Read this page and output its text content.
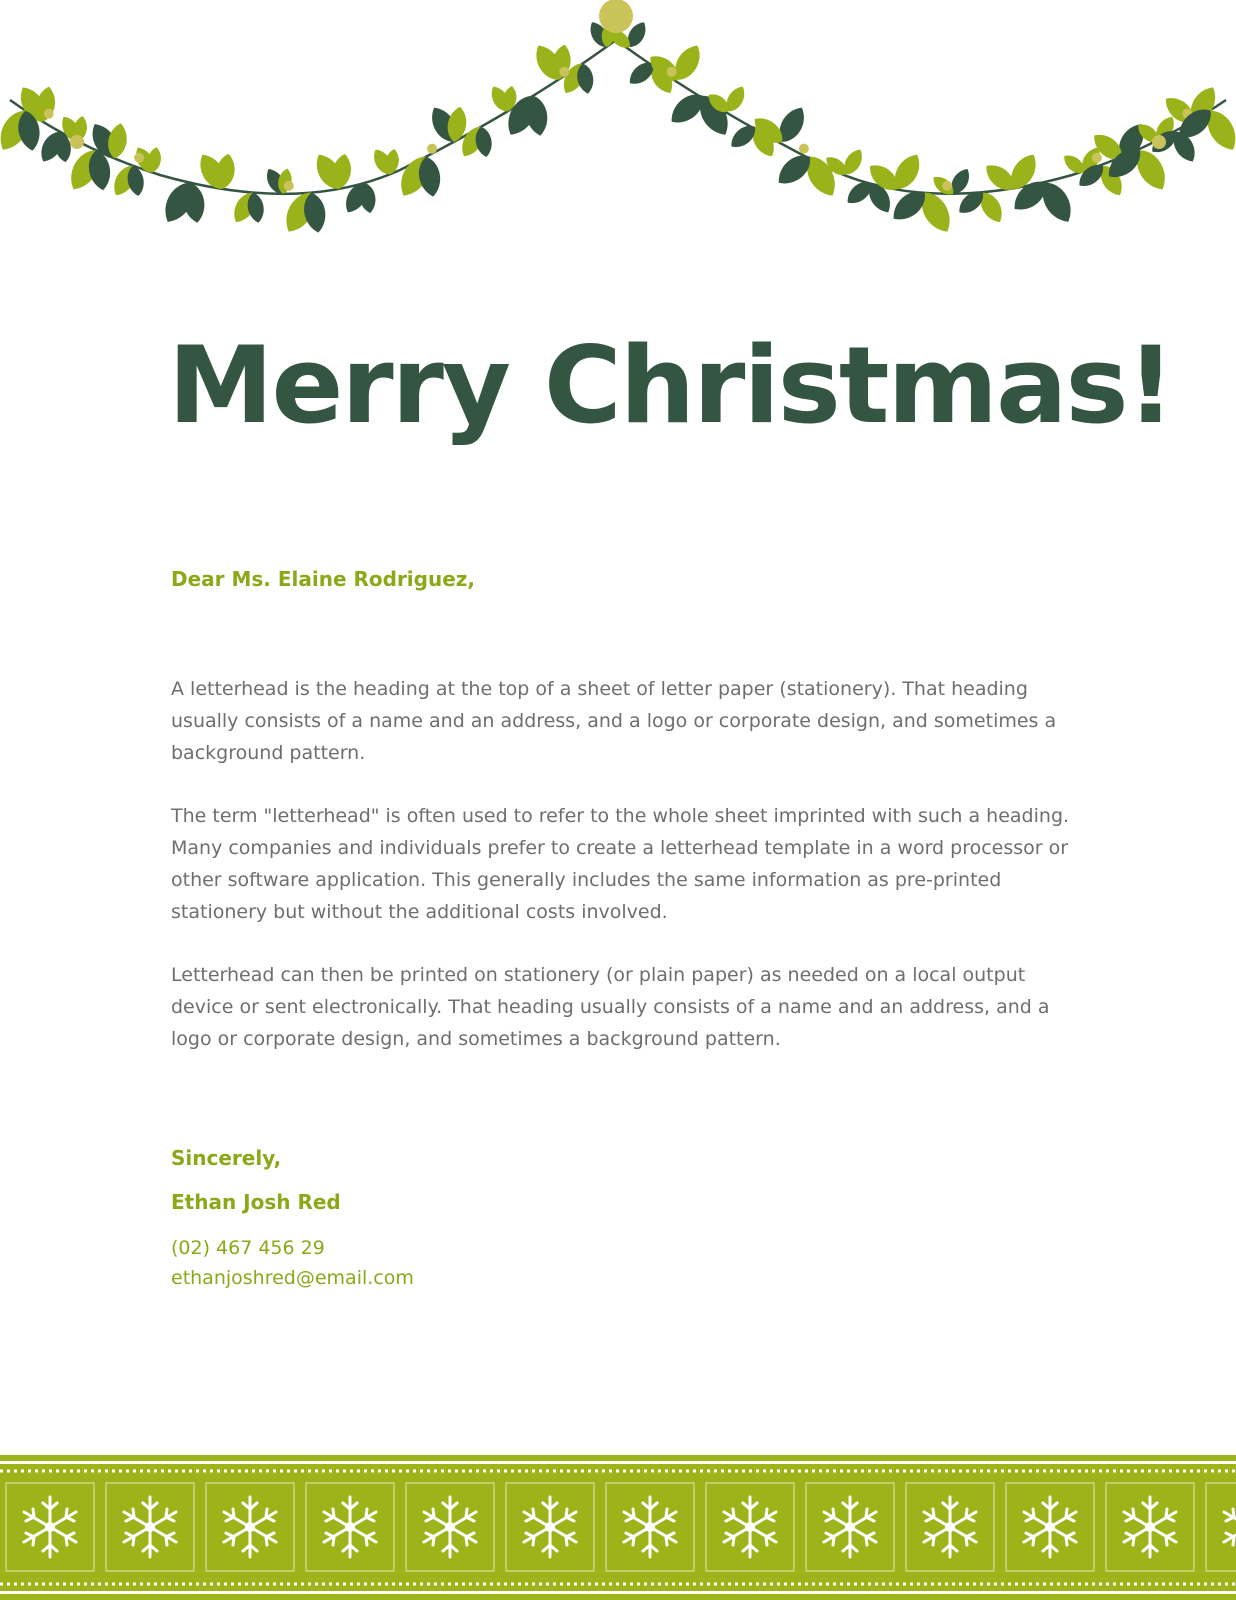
Merry Christmas!

Dear Ms. Elaine Rodriguez,

A letterhead is the heading at the top of a sheet of letter paper (stationery). That heading usually consists of a name and an address, and a logo or corporate design, and sometimes a background pattern.

The term "letterhead" is often used to refer to the whole sheet imprinted with such a heading. Many companies and individuals prefer to create a letterhead template in a word processor or other software application. This generally includes the same information as pre-printed stationery but without the additional costs involved.

Letterhead can then be printed on stationery (or plain paper) as needed on a local output device or sent electronically. That heading usually consists of a name and an address, and a logo or corporate design, and sometimes a background pattern.

Sincerely,

Ethan Josh Red

(02) 467 456 29

ethanjoshred@email.com
